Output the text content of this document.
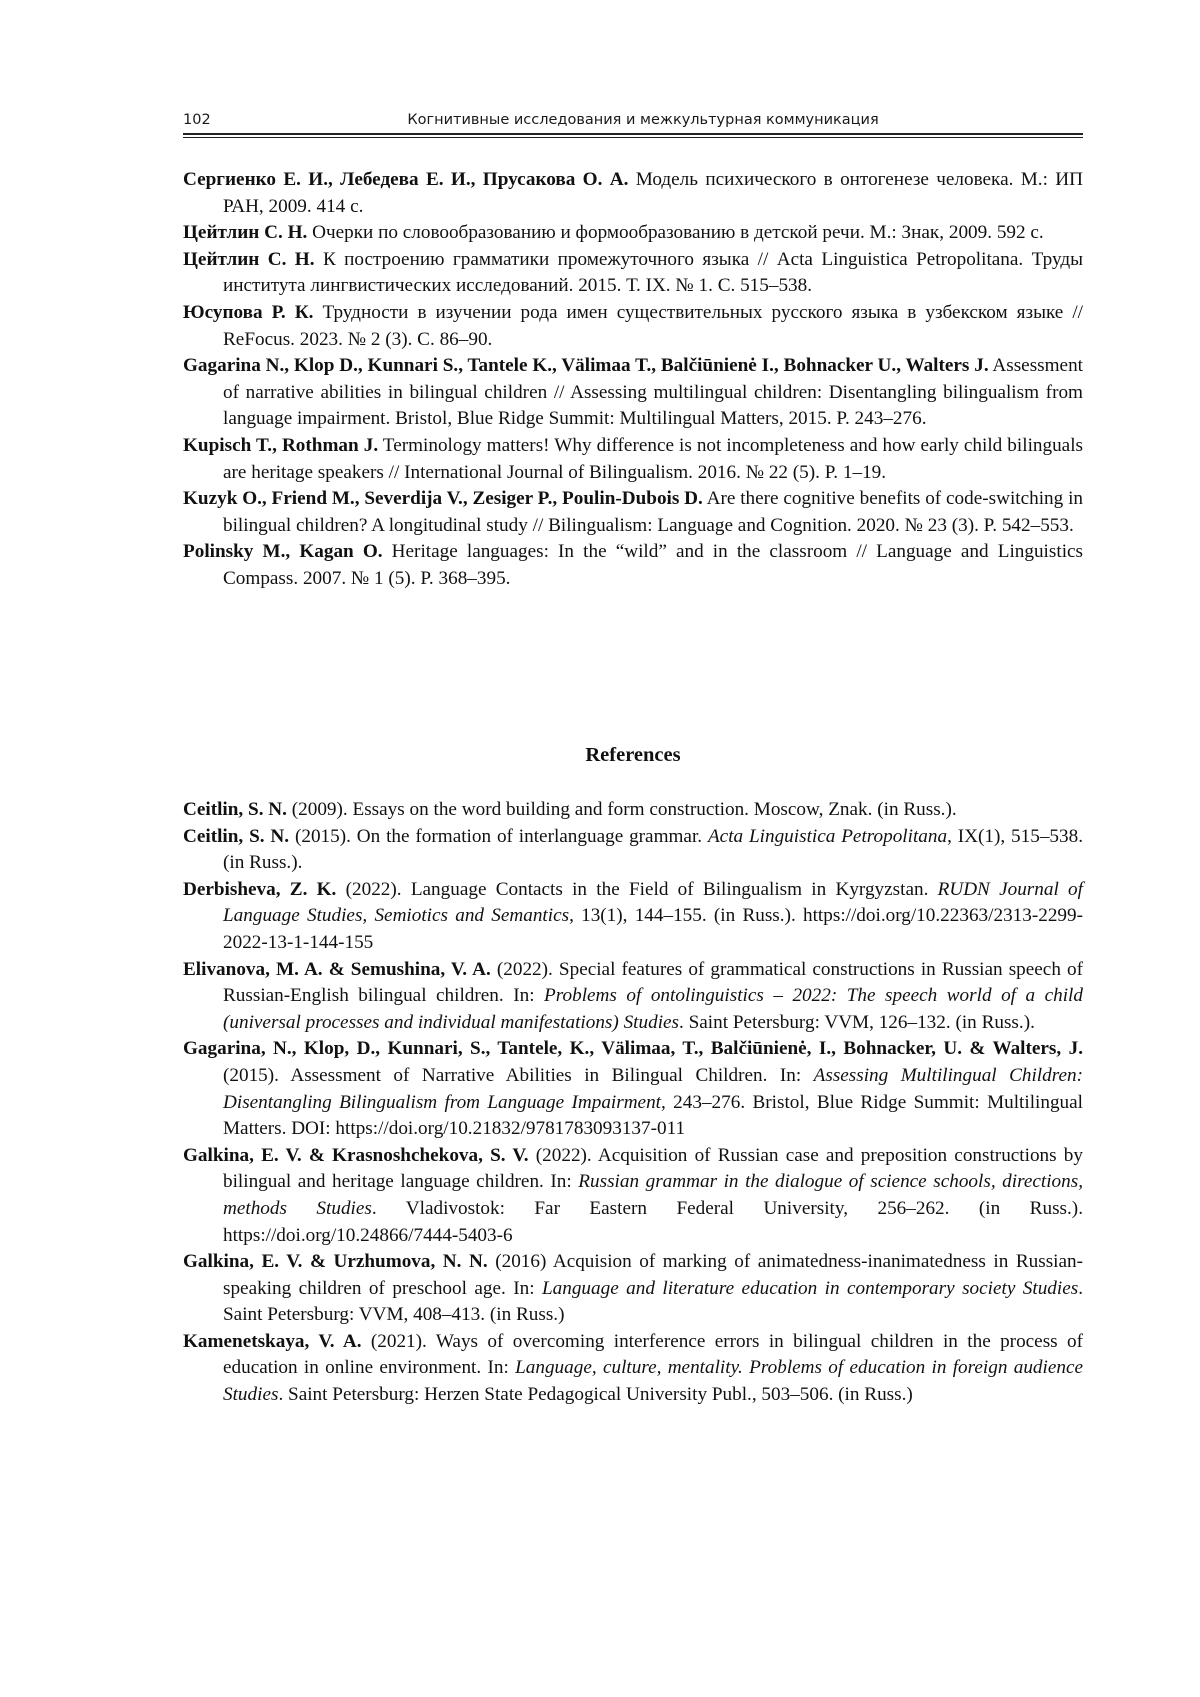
102	Когнитивные исследования и межкультурная коммуникация

Сергиенко Е. И., Лебедева Е. И., Прусакова О. А. Модель психического в онтогенезе человека. М.: ИП РАН, 2009. 414 с.

Цейтлин С. Н. Очерки по словообразованию и формообразованию в детской речи. М.: Знак, 2009. 592 с.

Цейтлин С. Н. К построению грамматики промежуточного языка // Acta Linguistica Petropolitana. Труды института лингвистических исследований. 2015. Т. IX. № 1. С. 515–538.

Юсупова Р. К. Трудности в изучении рода имен существительных русского языка в узбекском языке // ReFocus. 2023. № 2 (3). С. 86–90.

Gagarina N., Klop D., Kunnari S., Tantele K., Välimaa T., Balčiūnienė I., Bohnacker U., Walters J. Assessment of narrative abilities in bilingual children // Assessing multilingual children: Disentangling bilingualism from language impairment. Bristol, Blue Ridge Summit: Multilingual Matters, 2015. P. 243–276.

Kupisch T., Rothman J. Terminology matters! Why difference is not incompleteness and how early child bilinguals are heritage speakers // International Journal of Bilingualism. 2016. № 22 (5). P. 1–19.

Kuzyk O., Friend M., Severdija V., Zesiger P., Poulin-Dubois D. Are there cognitive benefits of code-switching in bilingual children? A longitudinal study // Bilingualism: Language and Cognition. 2020. № 23 (3). P. 542–553.

Polinsky M., Kagan O. Heritage languages: In the “wild” and in the classroom // Language and Linguistics Compass. 2007. № 1 (5). P. 368–395.

References

Ceitlin, S. N. (2009). Essays on the word building and form construction. Moscow, Znak. (in Russ.).

Ceitlin, S. N. (2015). On the formation of interlanguage grammar. Acta Linguistica Petropolitana, IX(1), 515–538. (in Russ.).

Derbisheva, Z. K. (2022). Language Contacts in the Field of Bilingualism in Kyrgyzstan. RUDN Journal of Language Studies, Semiotics and Semantics, 13(1), 144–155. (in Russ.). https://doi.org/10.22363/2313-2299-2022-13-1-144-155

Elivanova, M. A. & Semushina, V. A. (2022). Special features of grammatical constructions in Russian speech of Russian-English bilingual children. In: Problems of ontolinguistics – 2022: The speech world of a child (universal processes and individual manifestations) Studies. Saint Petersburg: VVM, 126–132. (in Russ.).

Gagarina, N., Klop, D., Kunnari, S., Tantele, K., Välimaa, T., Balčiūnienė, I., Bohnacker, U. & Walters, J. (2015). Assessment of Narrative Abilities in Bilingual Children. In: Assessing Multilingual Children: Disentangling Bilingualism from Language Impairment, 243–276. Bristol, Blue Ridge Summit: Multilingual Matters. DOI: https://doi.org/10.21832/9781783093137-011

Galkina, E. V. & Krasnoshchekova, S. V. (2022). Acquisition of Russian case and preposition constructions by bilingual and heritage language children. In: Russian grammar in the dialogue of science schools, directions, methods Studies. Vladivostok: Far Eastern Federal University, 256–262. (in Russ.). https://doi.org/10.24866/7444-5403-6

Galkina, E. V. & Urzhumova, N. N. (2016) Acquision of marking of animatedness-inanimatedness in Russian-speaking children of preschool age. In: Language and literature education in contemporary society Studies. Saint Petersburg: VVM, 408–413. (in Russ.)

Kamenetskaya, V. A. (2021). Ways of overcoming interference errors in bilingual children in the process of education in online environment. In: Language, culture, mentality. Problems of education in foreign audience Studies. Saint Petersburg: Herzen State Pedagogical University Publ., 503–506. (in Russ.)
